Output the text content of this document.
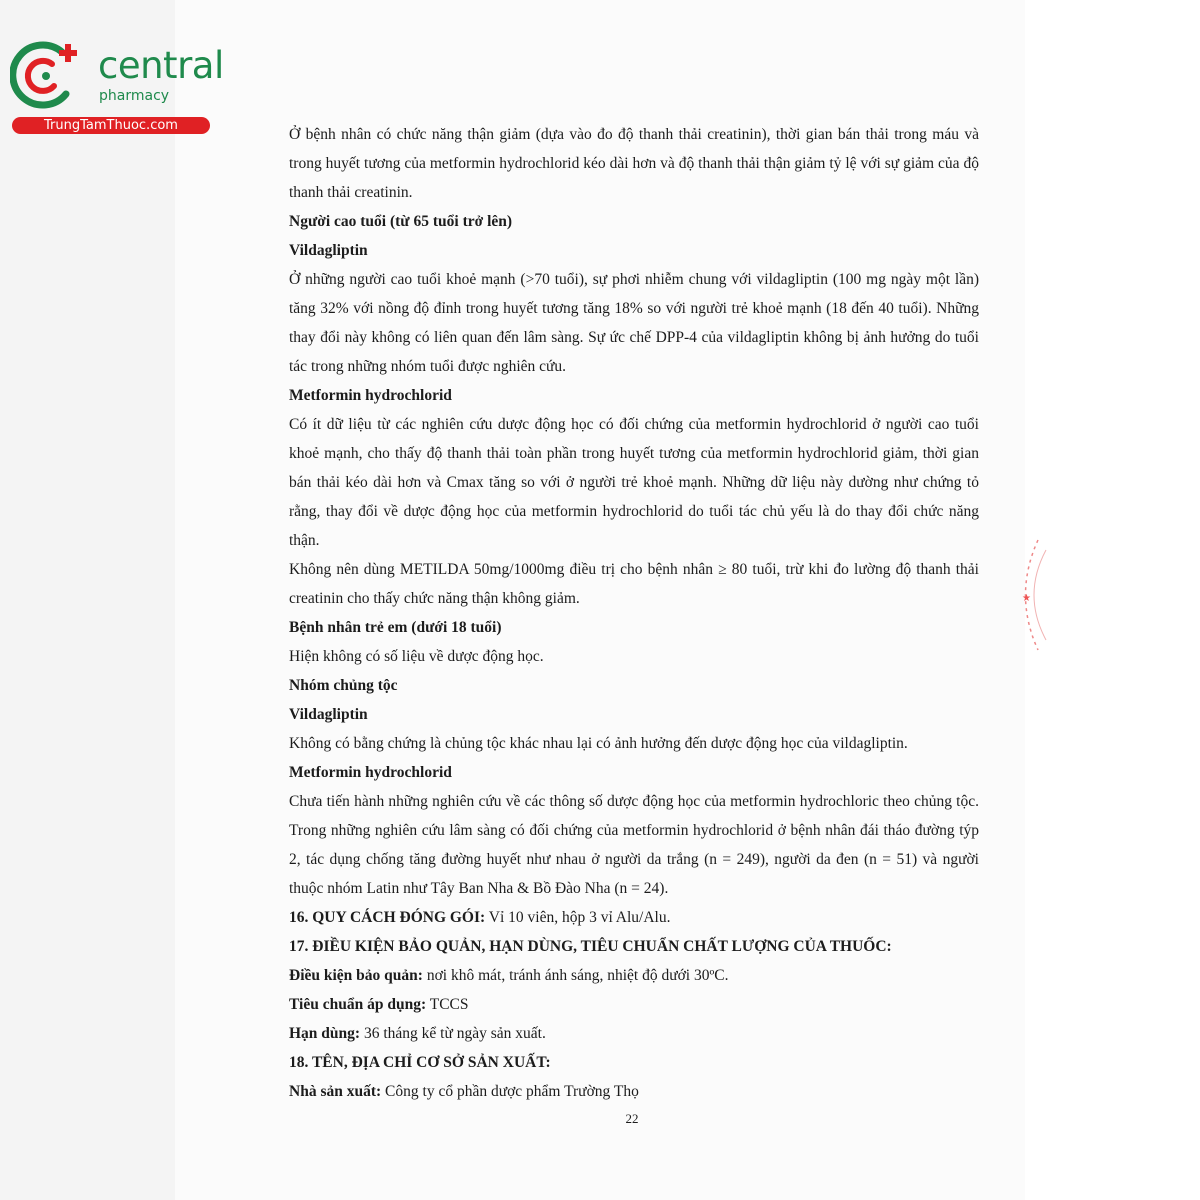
central
pharmacy
TrungTamThuoc.com

Ở bệnh nhân có chức năng thận giảm (dựa vào đo độ thanh thải creatinin), thời gian bán thải trong máu và trong huyết tương của metformin hydrochlorid kéo dài hơn và độ thanh thải thận giảm tỷ lệ với sự giảm của độ thanh thải creatinin.

Người cao tuổi (từ 65 tuổi trở lên)

Vildagliptin

Ở những người cao tuổi khoẻ mạnh (>70 tuổi), sự phơi nhiễm chung với vildagliptin (100 mg ngày một lần) tăng 32% với nồng độ đỉnh trong huyết tương tăng 18% so với người trẻ khoẻ mạnh (18 đến 40 tuổi). Những thay đổi này không có liên quan đến lâm sàng. Sự ức chế DPP-4 của vildagliptin không bị ảnh hưởng do tuổi tác trong những nhóm tuổi được nghiên cứu.

Metformin hydrochlorid

Có ít dữ liệu từ các nghiên cứu dược động học có đối chứng của metformin hydrochlorid ở người cao tuổi khoẻ mạnh, cho thấy độ thanh thải toàn phần trong huyết tương của metformin hydrochlorid giảm, thời gian bán thải kéo dài hơn và Cmax tăng so với ở người trẻ khoẻ mạnh. Những dữ liệu này dường như chứng tỏ rằng, thay đổi về dược động học của metformin hydrochlorid do tuổi tác chủ yếu là do thay đổi chức năng thận.

Không nên dùng METILDA 50mg/1000mg điều trị cho bệnh nhân ≥ 80 tuổi, trừ khi đo lường độ thanh thải creatinin cho thấy chức năng thận không giảm.

Bệnh nhân trẻ em (dưới 18 tuổi)

Hiện không có số liệu về dược động học.

Nhóm chủng tộc

Vildagliptin

Không có bằng chứng là chủng tộc khác nhau lại có ảnh hưởng đến dược động học của vildagliptin.

Metformin hydrochlorid

Chưa tiến hành những nghiên cứu về các thông số dược động học của metformin hydrochloric theo chủng tộc. Trong những nghiên cứu lâm sàng có đối chứng của metformin hydrochlorid ở bệnh nhân đái tháo đường týp 2, tác dụng chống tăng đường huyết như nhau ở người da trắng (n = 249), người da đen (n = 51) và người thuộc nhóm Latin như Tây Ban Nha & Bồ Đào Nha (n = 24).

16. QUY CÁCH ĐÓNG GÓI: Vỉ 10 viên, hộp 3 vỉ Alu/Alu.

17. ĐIỀU KIỆN BẢO QUẢN, HẠN DÙNG, TIÊU CHUẨN CHẤT LƯỢNG CỦA THUỐC:

Điều kiện bảo quản: nơi khô mát, tránh ánh sáng, nhiệt độ dưới 30ºC.

Tiêu chuẩn áp dụng: TCCS

Hạn dùng: 36 tháng kể từ ngày sản xuất.

18. TÊN, ĐỊA CHỈ CƠ SỞ SẢN XUẤT:

Nhà sản xuất: Công ty cổ phần dược phẩm Trường Thọ

22
★
